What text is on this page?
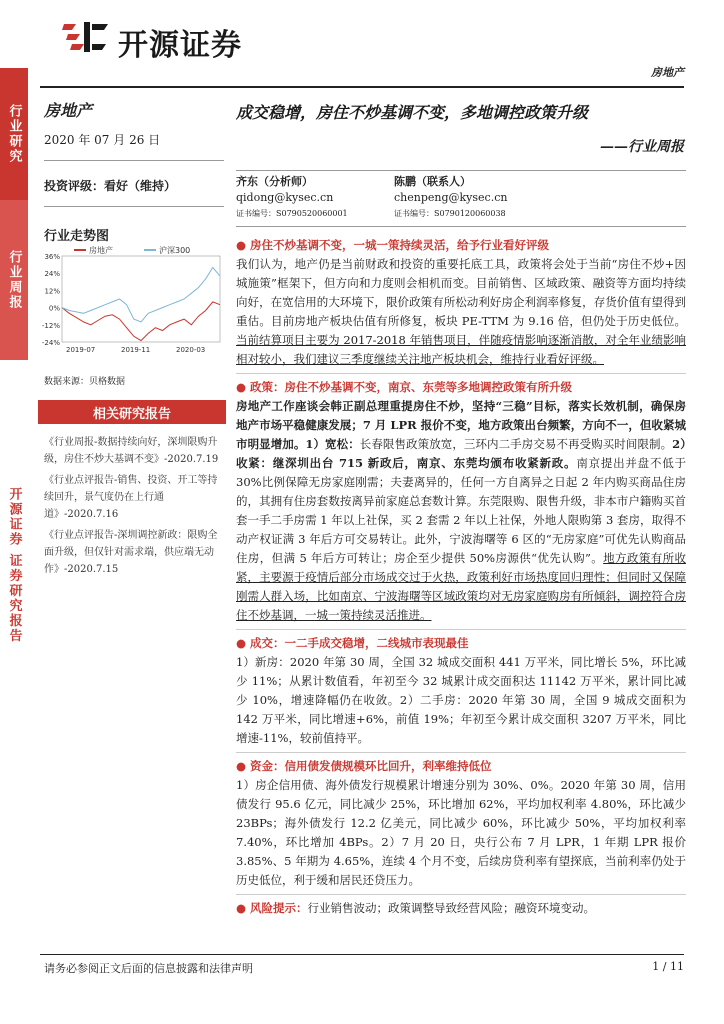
开源证券
房地产
行业研究
行业周报
开源证券 证券研究报告
房地产
2020 年 07 月 26 日
投资评级：看好（维持）
行业走势图
36%
24%
12%
0%
-12%
-24%
2019-07	2019-11	2020-03
房地产	沪深300
数据来源：贝格数据
相关研究报告
《行业周报-数据持续向好，深圳限购升级，房住不炒大基调不变》-2020.7.19
《行业点评报告-销售、投资、开工等持续回升，景气度仍在上行通道》-2020.7.16
《行业点评报告-深圳调控新政：限购全面升级，但仅针对需求端，供应端无动作》-2020.7.15
成交稳增，房住不炒基调不变，多地调控政策升级
——行业周报
齐东（分析师）
qidong@kysec.cn
证书编号：S0790520060001
陈鹏（联系人）
chenpeng@kysec.cn
证书编号：S0790120060038
● 房住不炒基调不变，一城一策持续灵活，给予行业看好评级

我们认为，地产仍是当前财政和投资的重要托底工具，政策将会处于当前“房住不炒+因城施策”框架下，但方向和力度则会相机而变。目前销售、区域政策、融资等方面均持续向好，在宽信用的大环境下，限价政策有所松动利好房企利润率修复，存货价值有望得到重估。目前房地产板块估值有所修复，板块 PE-TTM 为 9.16 倍，但仍处于历史低位。当前结算项目主要为 2017-2018 年销售项目，伴随疫情影响逐渐消散，对全年业绩影响相对较小，我们建议三季度继续关注地产板块机会，维持行业看好评级。

● 政策：房住不炒基调不变，南京、东莞等多地调控政策有所升级

房地产工作座谈会韩正副总理重提房住不炒，坚持“三稳”目标，落实长效机制，确保房地产市场平稳健康发展；7 月 LPR 报价不变，地方政策出台频繁，方向不一，但收紧城市明显增加。1）宽松：长春限售政策放宽，三环内二手房交易不再受购买时间限制。2）收紧：继深圳出台 715 新政后，南京、东莞均颁布收紧新政。南京提出并盘不低于 30%比例保障无房家庭刚需；夫妻离异的，任何一方自离异之日起 2 年内购买商品住房的，其拥有住房套数按离异前家庭总套数计算。东莞限购、限售升级，非本市户籍购买首套一手二手房需 1 年以上社保，买 2 套需 2 年以上社保，外地人限购第 3 套房，取得不动产权证满 3 年后方可交易转让。此外，宁波海曙等 6 区的“无房家庭”可优先认购商品住房，但满 5 年后方可转让；房企至少提供 50%房源供“优先认购”。地方政策有所收紧，主要源于疫情后部分市场成交过于火热，政策利好市场热度回归理性；但同时又保障刚需人群入场，比如南京、宁波海曙等区域政策均对无房家庭购房有所倾斜，调控符合房住不炒基调，一城一策持续灵活推进。

● 成交：一二手成交稳增，二线城市表现最佳

1）新房：2020 年第 30 周，全国 32 城成交面积 441 万平米，同比增长 5%，环比减少 11%；从累计数值看，年初至今 32 城累计成交面积达 11142 万平米，累计同比减少 10%，增速降幅仍在收敛。2）二手房：2020 年第 30 周，全国 9 城成交面积为 142 万平米，同比增速+6%，前值 19%；年初至今累计成交面积 3207 万平米，同比增速-11%，较前值持平。

● 资金：信用债发债规模环比回升，利率维持低位

1）房企信用债、海外债发行规模累计增速分别为 30%、0%。2020 年第 30 周，信用债发行 95.6 亿元，同比减少 25%，环比增加 62%，平均加权利率 4.80%，环比减少 23BPs；海外债发行 12.2 亿美元，同比减少 60%，环比减少 50%，平均加权利率 7.40%，环比增加 4BPs。2）7 月 20 日，央行公布 7 月 LPR，1 年期 LPR 报价 3.85%、5 年期为 4.65%，连续 4 个月不变，后续房贷利率有望探底，当前利率仍处于历史低位，利于缓和居民还贷压力。

● 风险提示：行业销售波动；政策调整导致经营风险；融资环境变动。

请务必参阅正文后面的信息披露和法律声明	1 / 11
